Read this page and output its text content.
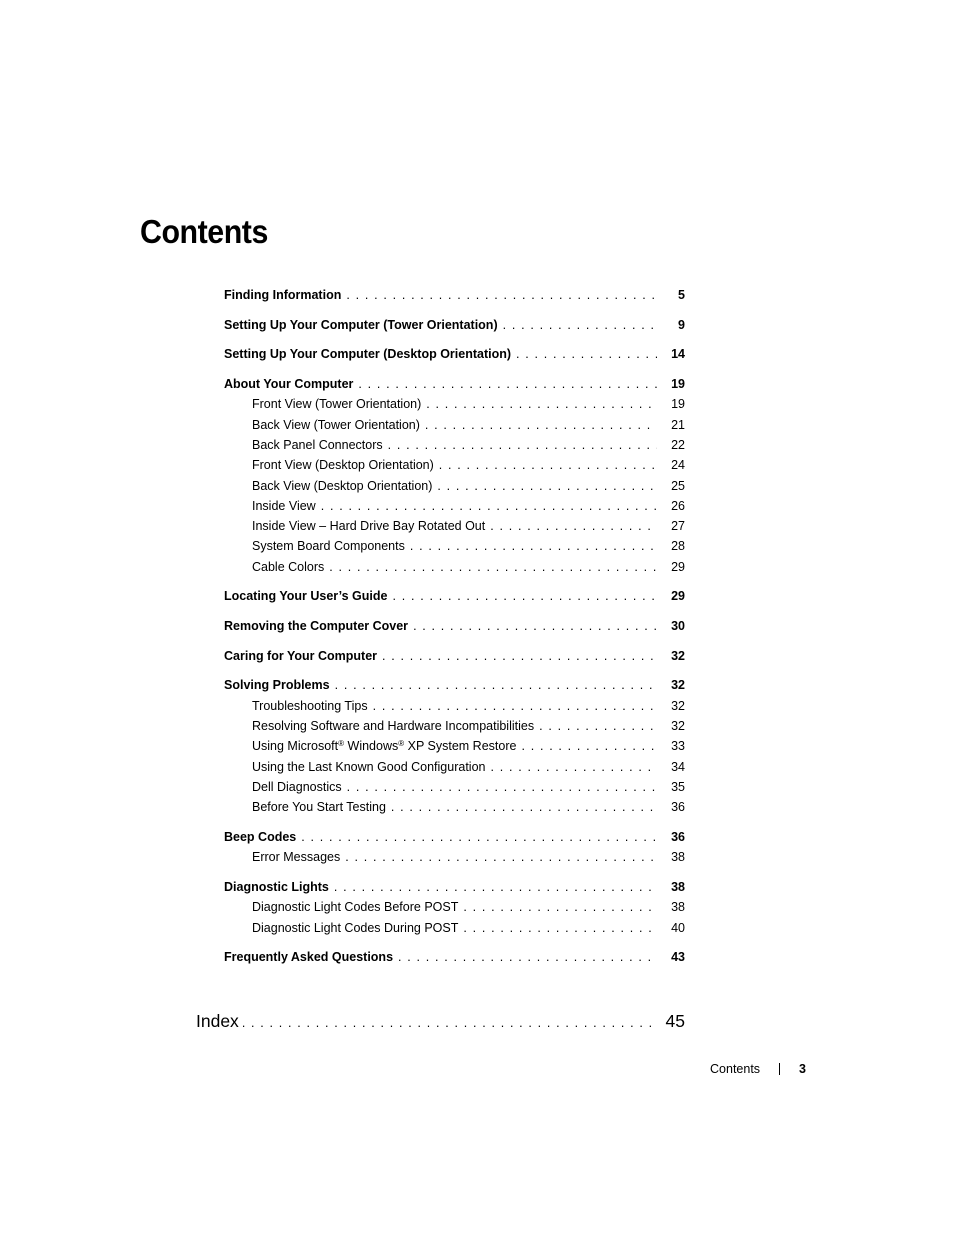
Contents
Finding Information . . .	5
Setting Up Your Computer (Tower Orientation) . . .	9
Setting Up Your Computer (Desktop Orientation) . . .	14
About Your Computer . . .	19
Front View (Tower Orientation) . . .	19
Back View (Tower Orientation) . . .	21
Back Panel Connectors . . .	22
Front View (Desktop Orientation) . . .	24
Back View (Desktop Orientation) . . .	25
Inside View . . .	26
Inside View – Hard Drive Bay Rotated Out . . .	27
System Board Components . . .	28
Cable Colors . . .	29
Locating Your User’s Guide . . .	29
Removing the Computer Cover . . .	30
Caring for Your Computer . . .	32
Solving Problems . . .	32
Troubleshooting Tips . . .	32
Resolving Software and Hardware Incompatibilities . . .	32
Using Microsoft® Windows® XP System Restore . . .	33
Using the Last Known Good Configuration . . .	34
Dell Diagnostics . . .	35
Before You Start Testing . . .	36
Beep Codes . . .	36
Error Messages . . .	38
Diagnostic Lights . . .	38
Diagnostic Light Codes Before POST . . .	38
Diagnostic Light Codes During POST . . .	40
Frequently Asked Questions . . .	43
Index . . .	45
Contents	3
